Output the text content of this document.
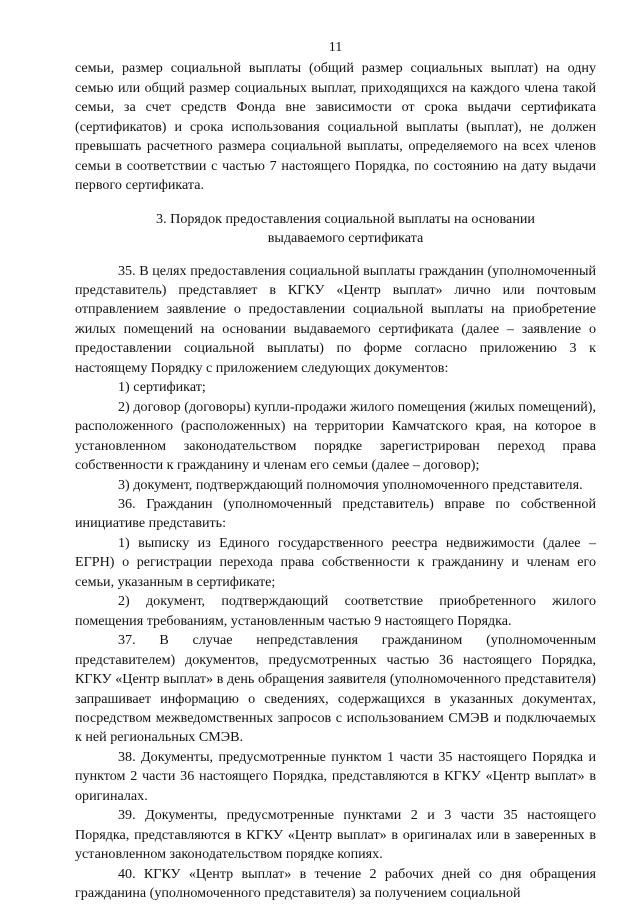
11

семьи, размер социальной выплаты (общий размер социальных выплат) на одну семью или общий размер социальных выплат, приходящихся на каждого члена такой семьи, за счет средств Фонда вне зависимости от срока выдачи сертификата (сертификатов) и срока использования социальной выплаты (выплат), не должен превышать расчетного размера социальной выплаты, определяемого на всех членов семьи в соответствии с частью 7 настоящего Порядка, по состоянию на дату выдачи первого сертификата.

3. Порядок предоставления социальной выплаты на основании
выдаваемого сертификата

35. В целях предоставления социальной выплаты гражданин (уполномоченный представитель) представляет в КГКУ «Центр выплат» лично или почтовым отправлением заявление о предоставлении социальной выплаты на приобретение жилых помещений на основании выдаваемого сертификата (далее – заявление о предоставлении социальной выплаты) по форме согласно приложению 3 к настоящему Порядку с приложением следующих документов:

1) сертификат;

2) договор (договоры) купли-продажи жилого помещения (жилых помещений), расположенного (расположенных) на территории Камчатского края, на которое в установленном законодательством порядке зарегистрирован переход права собственности к гражданину и членам его семьи (далее – договор);

3) документ, подтверждающий полномочия уполномоченного представителя.

36. Гражданин (уполномоченный представитель) вправе по собственной инициативе представить:

1) выписку из Единого государственного реестра недвижимости (далее – ЕГРН) о регистрации перехода права собственности к гражданину и членам его семьи, указанным в сертификате;

2) документ, подтверждающий соответствие приобретенного жилого помещения требованиям, установленным частью 9 настоящего Порядка.

37. В случае непредставления гражданином (уполномоченным представителем) документов, предусмотренных частью 36 настоящего Порядка, КГКУ «Центр выплат» в день обращения заявителя (уполномоченного представителя) запрашивает информацию о сведениях, содержащихся в указанных документах, посредством межведомственных запросов с использованием СМЭВ и подключаемых к ней региональных СМЭВ.

38. Документы, предусмотренные пунктом 1 части 35 настоящего Порядка и пунктом 2 части 36 настоящего Порядка, представляются в КГКУ «Центр выплат» в оригиналах.

39. Документы, предусмотренные пунктами 2 и 3 части 35 настоящего Порядка, представляются в КГКУ «Центр выплат» в оригиналах или в заверенных в установленном законодательством порядке копиях.

40. КГКУ «Центр выплат» в течение 2 рабочих дней со дня обращения гражданина (уполномоченного представителя) за получением социальной
